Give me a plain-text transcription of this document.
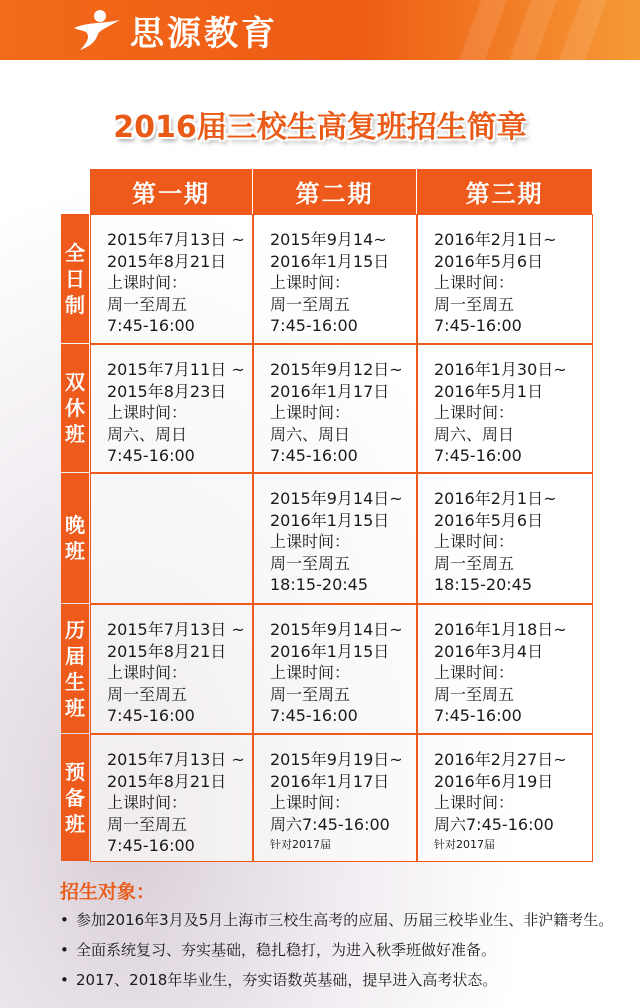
思源教育
2016届三校生高复班招生简章
第一期	第二期	第三期
全
日
制
2015年7月13日 ~
2015年8月21日
上课时间：
周一至周五
7:45-16:00
2015年9月14~
2016年1月15日
上课时间：
周一至周五
7:45-16:00
2016年2月1日~
2016年5月6日
上课时间：
周一至周五
7:45-16:00
双
休
班
2015年7月11日 ~
2015年8月23日
上课时间：
周六、周日
7:45-16:00
2015年9月12日~
2016年1月17日
上课时间：
周六、周日
7:45-16:00
2016年1月30日~
2016年5月1日
上课时间：
周六、周日
7:45-16:00
晚
班
2015年9月14日~
2016年1月15日
上课时间：
周一至周五
18:15-20:45
2016年2月1日~
2016年5月6日
上课时间：
周一至周五
18:15-20:45
历
届
生
班
2015年7月13日 ~
2015年8月21日
上课时间：
周一至周五
7:45-16:00
2015年9月14日~
2016年1月15日
上课时间：
周一至周五
7:45-16:00
2016年1月18日~
2016年3月4日
上课时间：
周一至周五
7:45-16:00
预
备
班
2015年7月13日 ~
2015年8月21日
上课时间：
周一至周五
7:45-16:00
2015年9月19日~
2016年1月17日
上课时间：
周六7:45-16:00
针对2017届
2016年2月27日~
2016年6月19日
上课时间：
周六7:45-16:00
针对2017届
招生对象：
• 参加2016年3月及5月上海市三校生高考的应届、历届三校毕业生、非沪籍考生。
• 全面系统复习、夯实基础，稳扎稳打，为进入秋季班做好准备。
• 2017、2018年毕业生，夯实语数英基础，提早进入高考状态。
